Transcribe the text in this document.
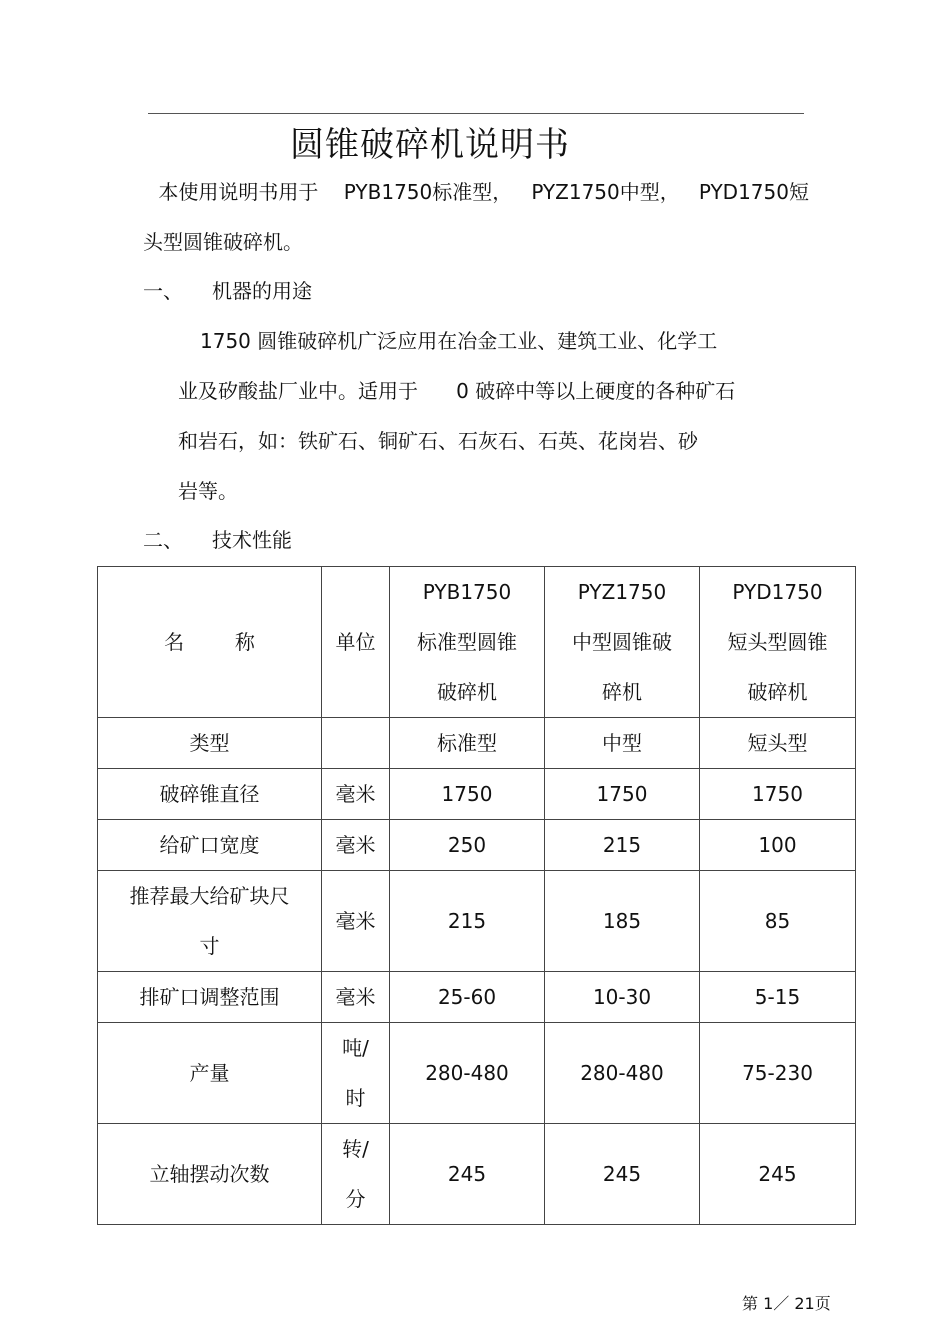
圆锥破碎机说明书
本使用说明书用于    PYB1750标准型，   PYZ1750中型，   PYD1750短
头型圆锥破碎机。
一、 机器的用途
1750 圆锥破碎机广泛应用在冶金工业、建筑工业、化学工
业及矽酸盐厂业中。适用于      0 破碎中等以上硬度的各种矿石
和岩石，如：铁矿石、铜矿石、石灰石、石英、花岗岩、砂
岩等。
二、 技术性能
名        称	单位	PYB1750
标准型圆锥
破碎机	PYZ1750
中型圆锥破
碎机	PYD1750
短头型圆锥
破碎机

类型		标准型	中型	短头型
破碎锥直径	毫米	1750	1750	1750
给矿口宽度	毫米	250	215	100

推荐最大给矿块尺
寸	毫米	215	185	85
排矿口调整范围	毫米	25-60	10-30	5-15
产量	吨/
时	280-480	280-480	75-230
立轴摆动次数	转/
分	245	245	245
第 1／ 21页
